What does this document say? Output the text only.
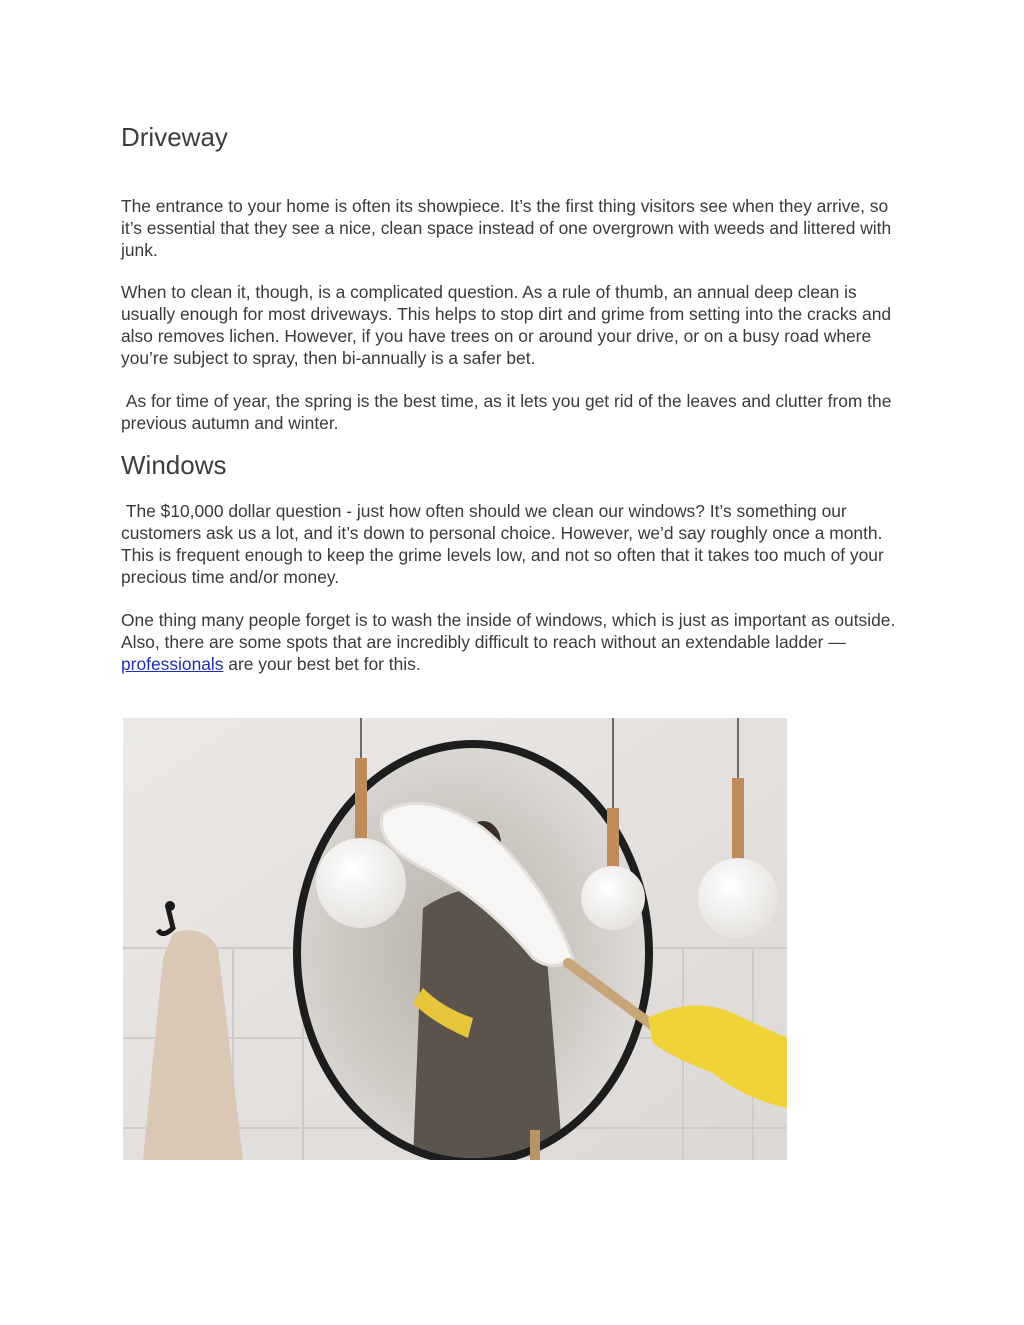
Driveway

The entrance to your home is often its showpiece. It’s the first thing visitors see when they arrive, so it’s essential that they see a nice, clean space instead of one overgrown with weeds and littered with junk.

When to clean it, though, is a complicated question. As a rule of thumb, an annual deep clean is usually enough for most driveways. This helps to stop dirt and grime from setting into the cracks and also removes lichen. However, if you have trees on or around your drive, or on a busy road where you’re subject to spray, then bi-annually is a safer bet.

As for time of year, the spring is the best time, as it lets you get rid of the leaves and clutter from the previous autumn and winter.

Windows

The $10,000 dollar question - just how often should we clean our windows? It’s something our customers ask us a lot, and it’s down to personal choice. However, we’d say roughly once a month. This is frequent enough to keep the grime levels low, and not so often that it takes too much of your precious time and/or money.

One thing many people forget is to wash the inside of windows, which is just as important as outside. Also, there are some spots that are incredibly difficult to reach without an extendable ladder — professionals are your best bet for this.
